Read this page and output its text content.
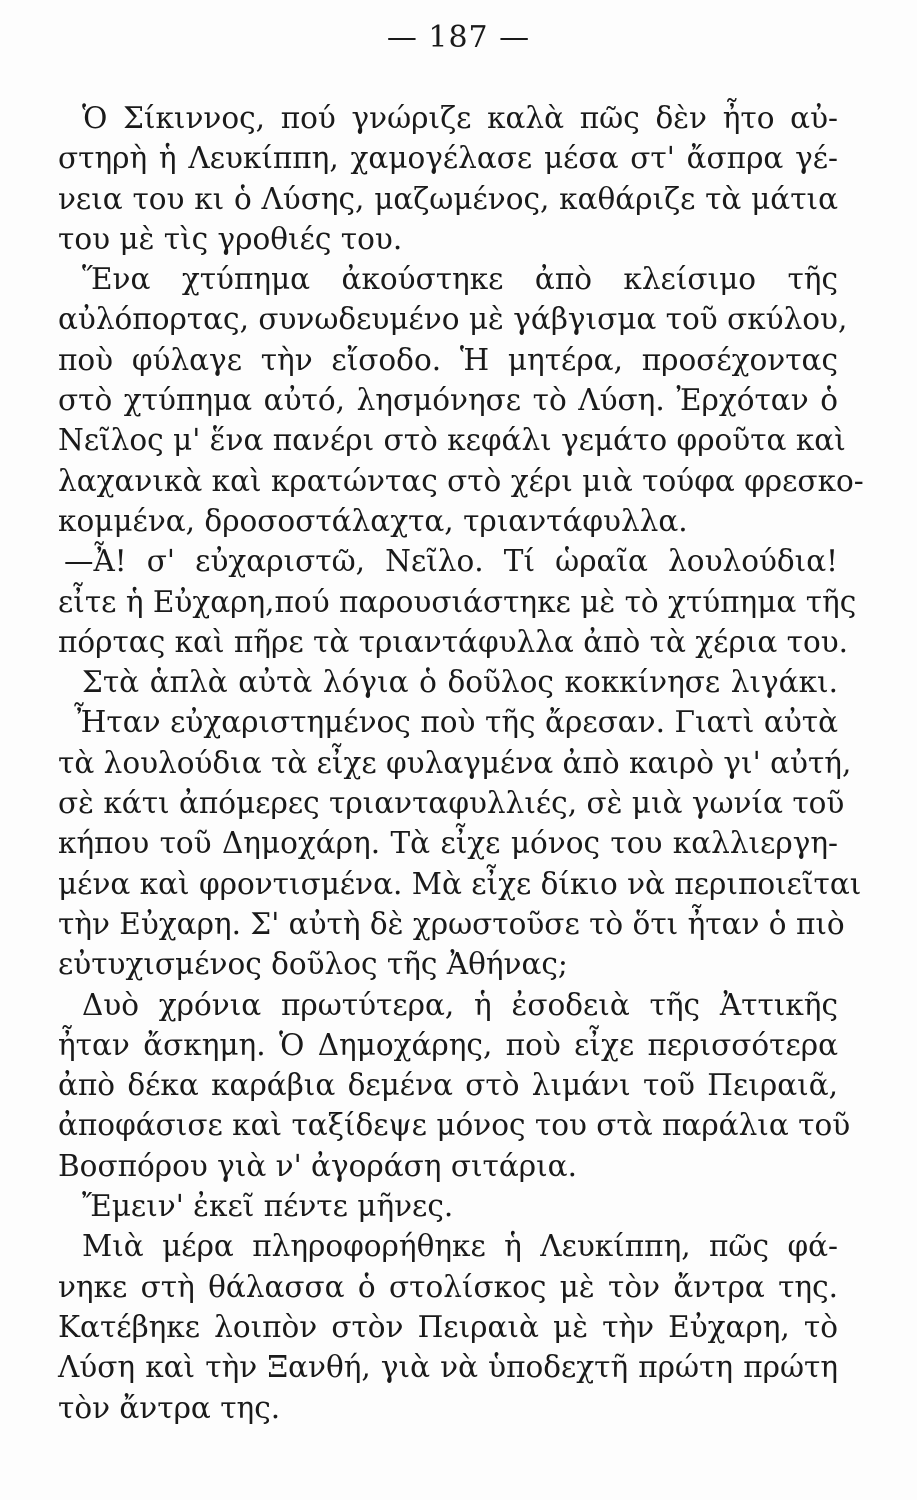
— 187 —
Ὁ Σίκιννος, πού γνώριζε καλὰ πῶς δὲν ἦτο αὐ-
στηρὴ ἡ Λευκίππη, χαμογέλασε μέσα στ' ἄσπρα γέ-
νεια του κι ὁ Λύσης, μαζωμένος, καθάριζε τὰ μάτια
του μὲ τὶς γροθιές του.
Ἕνα χτύπημα ἀκούστηκε ἀπὸ κλείσιμο τῆς
αὐλόπορτας, συνωδευμένο μὲ γάβγισμα τοῦ σκύλου,
ποὺ φύλαγε τὴν εἴσοδο. Ἡ μητέρα, προσέχοντας
στὸ χτύπημα αὐτό, λησμόνησε τὸ Λύση. Ἐρχόταν ὁ
Νεῖλος μ' ἕνα πανέρι στὸ κεφάλι γεμάτο φροῦτα καὶ
λαχανικὰ καὶ κρατώντας στὸ χέρι μιὰ τούφα φρεσκο-
κομμένα, δροσοστάλαχτα, τριαντάφυλλα.
—Ἆ! σ' εὐχαριστῶ, Νεῖλο. Τί ὡραῖα λουλούδια!
εἶτε ἡ Εὐχαρη,πού παρουσιάστηκε μὲ τὸ χτύπημα τῆς
πόρτας καὶ πῆρε τὰ τριαντάφυλλα ἀπὸ τὰ χέρια του.
Στὰ ἁπλὰ αὐτὰ λόγια ὁ δοῦλος κοκκίνησε λιγάκι.
Ἦταν εὐχαριστημένος ποὺ τῆς ἄρεσαν. Γιατὶ αὐτὰ
τὰ λουλούδια τὰ εἶχε φυλαγμένα ἀπὸ καιρὸ γι' αὐτή,
σὲ κάτι ἀπόμερες τριανταφυλλιές, σὲ μιὰ γωνία τοῦ
κήπου τοῦ Δημοχάρη. Τὰ εἶχε μόνος του καλλιεργη-
μένα καὶ φροντισμένα. Μὰ εἶχε δίκιο νὰ περιποιεῖται
τὴν Εὐχαρη. Σ' αὐτὴ δὲ χρωστοῦσε τὸ ὅτι ἦταν ὁ πιὸ
εὐτυχισμένος δοῦλος τῆς Ἀθήνας;
Δυὸ χρόνια πρωτύτερα, ἡ ἐσοδειὰ τῆς Ἀττικῆς
ἦταν ἄσκημη. Ὁ Δημοχάρης, ποὺ εἶχε περισσότερα
ἀπὸ δέκα καράβια δεμένα στὸ λιμάνι τοῦ Πειραιᾶ,
ἀποφάσισε καὶ ταξίδεψε μόνος του στὰ παράλια τοῦ
Βοσπόρου γιὰ ν' ἀγοράση σιτάρια.
Ἔμειν' ἐκεῖ πέντε μῆνες.
Μιὰ μέρα πληροφορήθηκε ἡ Λευκίππη, πῶς φά-
νηκε στὴ θάλασσα ὁ στολίσκος μὲ τὸν ἄντρα της.
Κατέβηκε λοιπὸν στὸν Πειραιὰ μὲ τὴν Εὐχαρη, τὸ
Λύση καὶ τὴν Ξανθή, γιὰ νὰ ὑποδεχτῆ πρώτη πρώτη
τὸν ἄντρα της.
